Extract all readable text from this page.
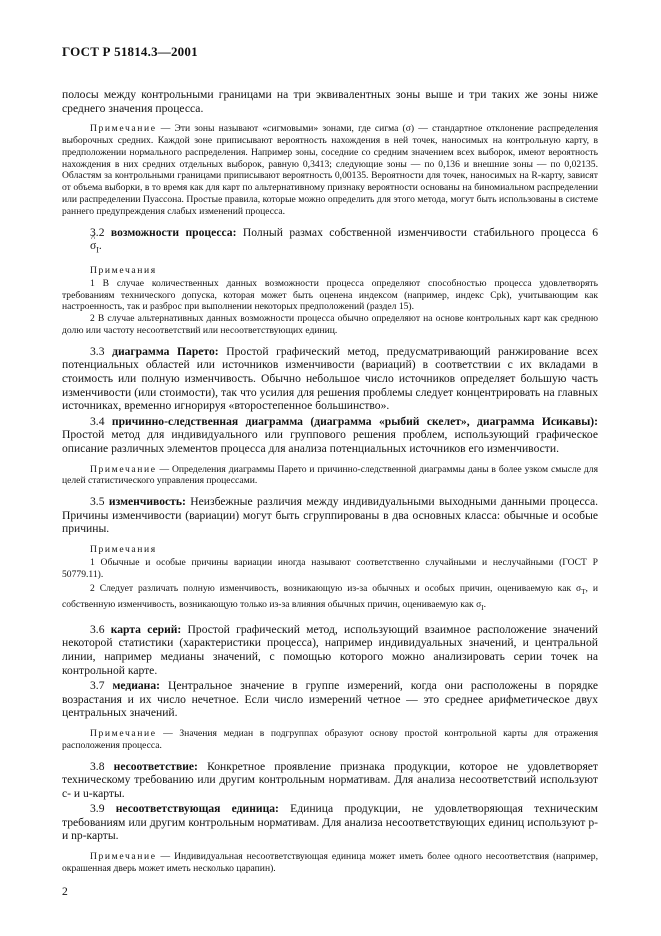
ГОСТ Р 51814.3—2001

полосы между контрольными границами на три эквивалентных зоны выше и три таких же зоны ниже среднего значения процесса.

Примечание — Эти зоны называют «сигмовыми» зонами, где сигма (σ) — стандартное отклонение распределения выборочных средних. Каждой зоне приписывают вероятность нахождения в ней точек, наносимых на контрольную карту, в предположении нормального распределения. Например зоны, соседние со средним значением всех выборок, имеют вероятность нахождения в них средних отдельных выборок, равную 0,3413; следующие зоны — по 0,136 и внешние зоны — по 0,02135. Областям за контрольными границами приписывают вероятность 0,00135. Вероятности для точек, наносимых на R-карту, зависят от объема выборки, в то время как для карт по альтернативному признаку вероятности основаны на биномиальном распределении или распределении Пуассона. Простые правила, которые можно определить для этого метода, могут быть использованы в системе раннего предупреждения слабых изменений процесса.

3.2 возможности процесса: Полный размах собственной изменчивости стабильного процесса 6^ $\sigma_I$.

Примечания

1 В случае количественных данных возможности процесса определяют способностью процесса удовлетворять требованиям технического допуска, которая может быть оценена индексом (например, индекс Cpk), учитывающим как настроенность, так и разброс при выполнении некоторых предположений (раздел 15).

2 В случае альтернативных данных возможности процесса обычно определяют на основе контрольных карт как среднюю долю или частоту несоответствий или несоответствующих единиц.

3.3 диаграмма Парето: Простой графический метод, предусматривающий ранжирование всех потенциальных областей или источников изменчивости (вариаций) в соответствии с их вкладами в стоимость или полную изменчивость. Обычно небольшое число источников определяет большую часть изменчивости (или стоимости), так что усилия для решения проблемы следует концентрировать на главных источниках, временно игнорируя «второстепенное большинство».

3.4 причинно-следственная диаграмма (диаграмма «рыбий скелет», диаграмма Исикавы): Простой метод для индивидуального или группового решения проблем, использующий графическое описание различных элементов процесса для анализа потенциальных источников его изменчивости.

Примечание — Определения диаграммы Парето и причинно-следственной диаграммы даны в более узком смысле для целей статистического управления процессами.

3.5 изменчивость: Неизбежные различия между индивидуальными выходными данными процесса. Причины изменчивости (вариации) могут быть сгруппированы в два основных класса: обычные и особые причины.

Примечания

1 Обычные и особые причины вариации иногда называют соответственно случайными и неслучайными (ГОСТ Р 50779.11).

2 Следует различать полную изменчивость, возникающую из-за обычных и особых причин, оцениваемую как $\sigma_T$, и собственную изменчивость, возникающую только из-за влияния обычных причин, оцениваемую как $\sigma_I$.

3.6 карта серий: Простой графический метод, использующий взаимное расположение значений некоторой статистики (характеристики процесса), например индивидуальных значений, и центральной линии, например медианы значений, с помощью которого можно анализировать серии точек на контрольной карте.

3.7 медиана: Центральное значение в группе измерений, когда они расположены в порядке возрастания и их число нечетное. Если число измерений четное — это среднее арифметическое двух центральных значений.

Примечание — Значения медиан в подгруппах образуют основу простой контрольной карты для отражения расположения процесса.

3.8 несоответствие: Конкретное проявление признака продукции, которое не удовлетворяет техническому требованию или другим контрольным нормативам. Для анализа несоответствий используют c- и u-карты.

3.9 несоответствующая единица: Единица продукции, не удовлетворяющая техническим требованиям или другим контрольным нормативам. Для анализа несоответствующих единиц используют p- и np-карты.

Примечание — Индивидуальная несоответствующая единица может иметь более одного несоответствия (например, окрашенная дверь может иметь несколько царапин).

2
